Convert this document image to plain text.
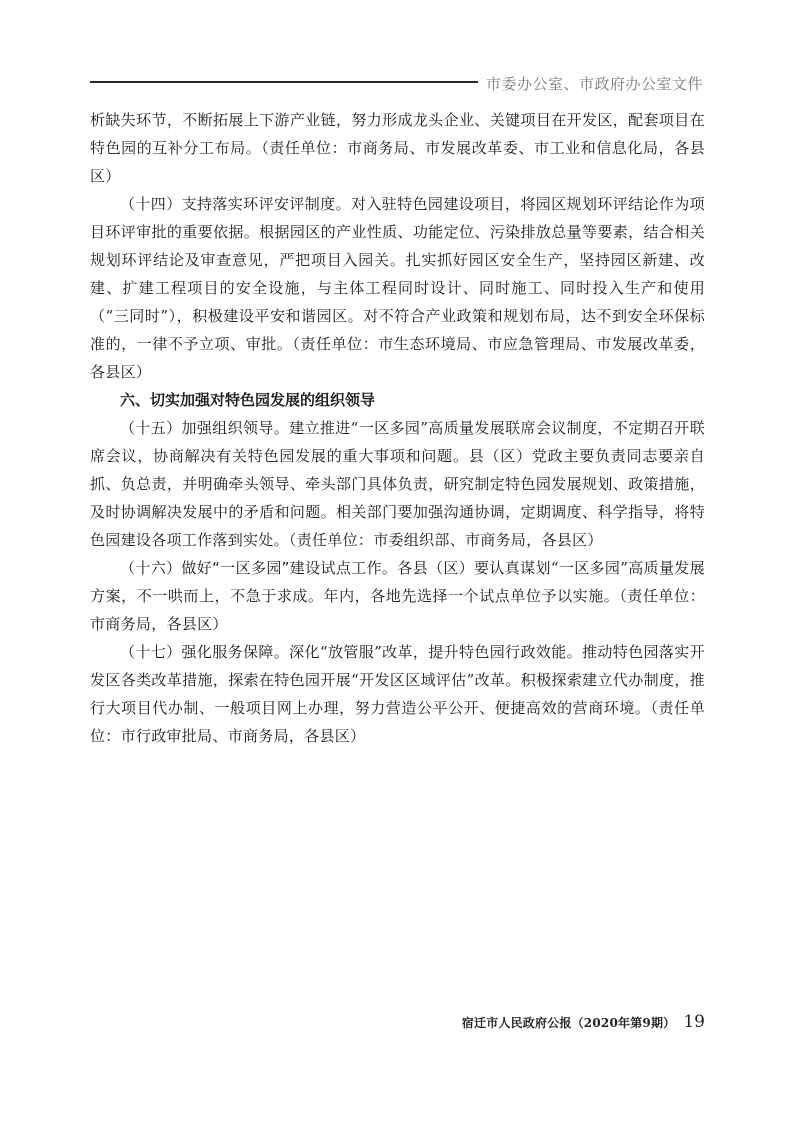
市委办公室、市政府办公室文件

析缺失环节，不断拓展上下游产业链，努力形成龙头企业、关键项目在开发区，配套项目在特色园的互补分工布局。（责任单位：市商务局、市发展改革委、市工业和信息化局，各县区）

（十四）支持落实环评安评制度。对入驻特色园建设项目，将园区规划环评结论作为项目环评审批的重要依据。根据园区的产业性质、功能定位、污染排放总量等要素，结合相关规划环评结论及审查意见，严把项目入园关。扎实抓好园区安全生产，坚持园区新建、改建、扩建工程项目的安全设施，与主体工程同时设计、同时施工、同时投入生产和使用（“三同时”），积极建设平安和谐园区。对不符合产业政策和规划布局，达不到安全环保标准的，一律不予立项、审批。（责任单位：市生态环境局、市应急管理局、市发展改革委，各县区）

六、切实加强对特色园发展的组织领导

（十五）加强组织领导。建立推进“一区多园”高质量发展联席会议制度，不定期召开联席会议，协商解决有关特色园发展的重大事项和问题。县（区）党政主要负责同志要亲自抓、负总责，并明确牵头领导、牵头部门具体负责，研究制定特色园发展规划、政策措施，及时协调解决发展中的矛盾和问题。相关部门要加强沟通协调，定期调度、科学指导，将特色园建设各项工作落到实处。（责任单位：市委组织部、市商务局，各县区）

（十六）做好“一区多园”建设试点工作。各县（区）要认真谋划“一区多园”高质量发展方案，不一哄而上，不急于求成。年内，各地先选择一个试点单位予以实施。（责任单位：市商务局，各县区）

（十七）强化服务保障。深化“放管服”改革，提升特色园行政效能。推动特色园落实开发区各类改革措施，探索在特色园开展“开发区区域评估”改革。积极探索建立代办制度，推行大项目代办制、一般项目网上办理，努力营造公平公开、便捷高效的营商环境。（责任单位：市行政审批局、市商务局，各县区）

宿迁市人民政府公报（2020年第9期） 19
